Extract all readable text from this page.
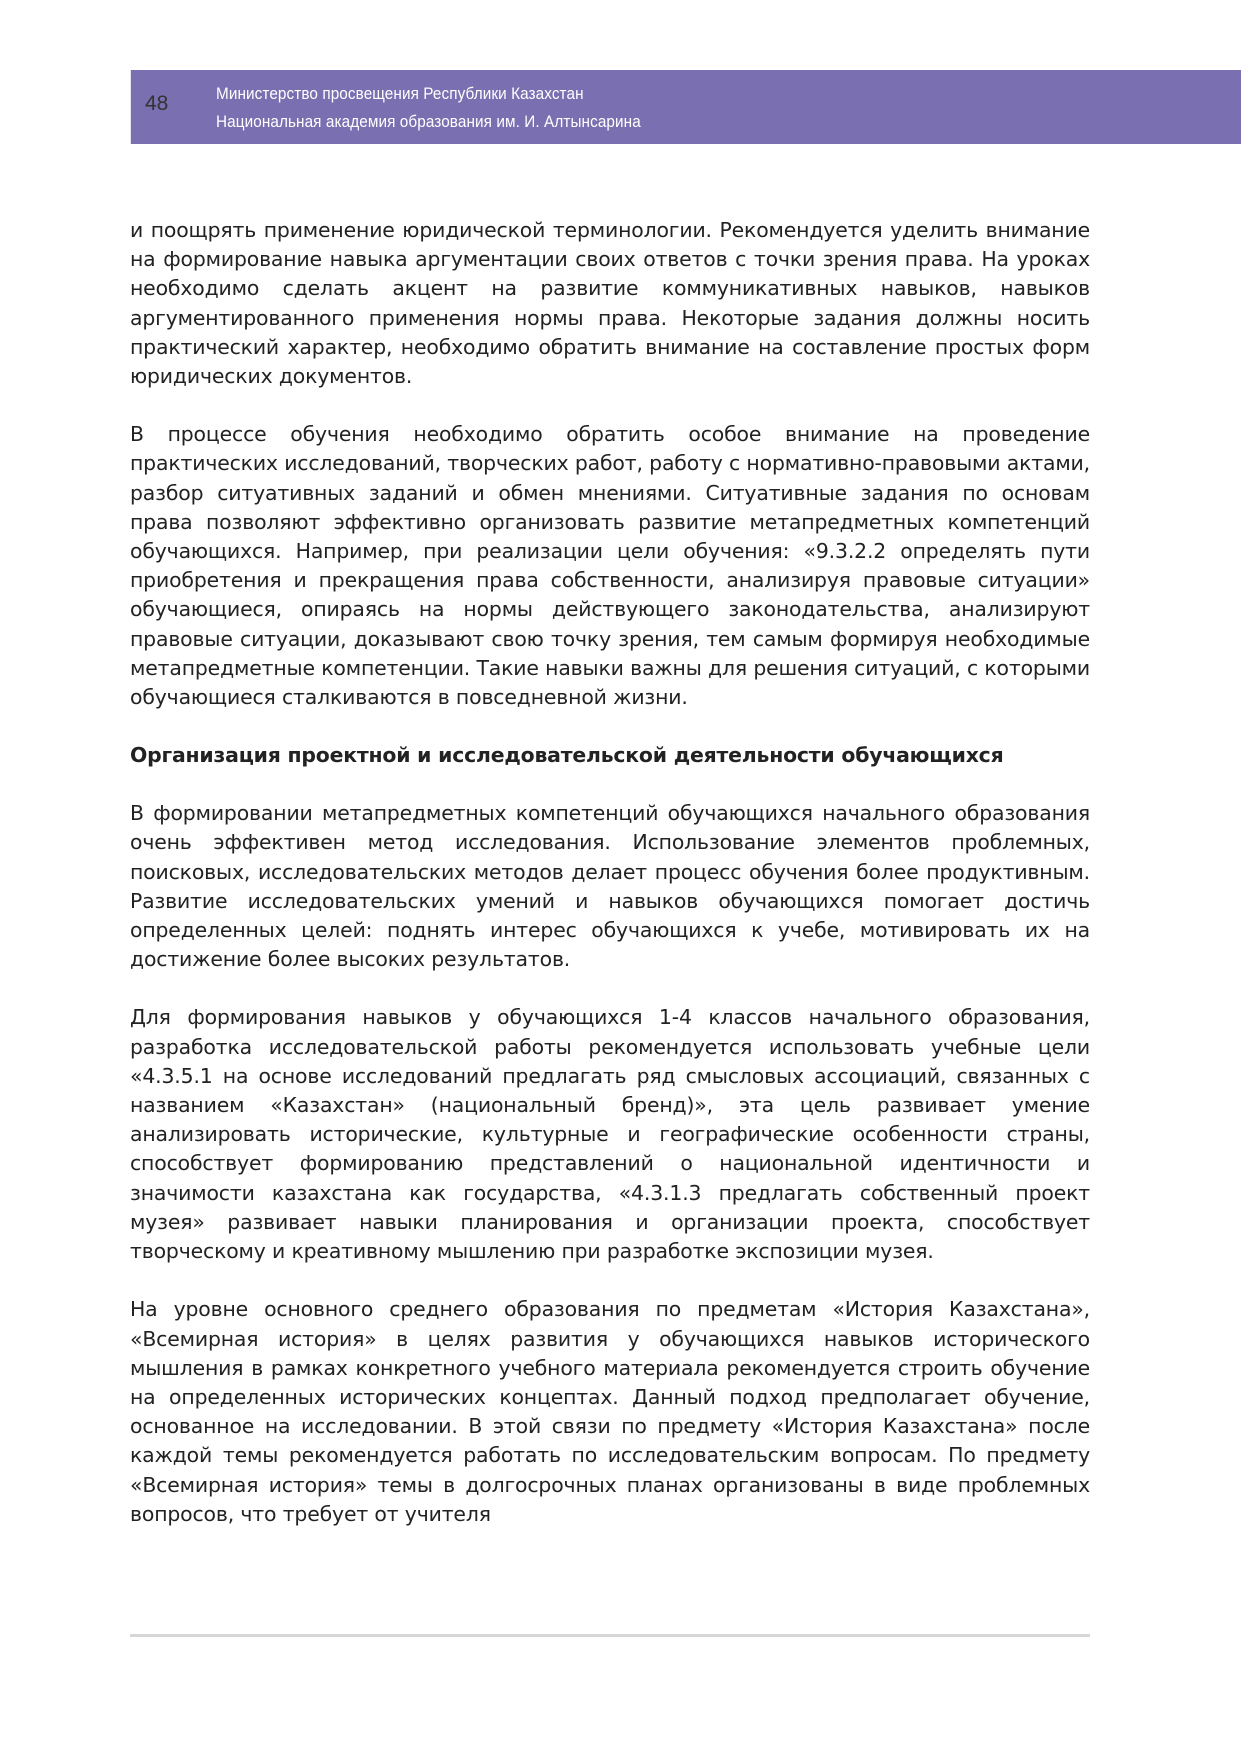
48	Министерство просвещения Республики Казахстан
Национальная академия образования им. И. Алтынсарина

и поощрять применение юридической терминологии. Рекомендуется уделить внимание на формирование навыка аргументации своих ответов с точки зрения права. На уроках необходимо сделать акцент на развитие коммуникативных навыков, навыков аргументированного применения нормы права. Некоторые задания должны носить практический характер, необходимо обратить внимание на составление простых форм юридических документов.

В процессе обучения необходимо обратить особое внимание на проведение практических исследований, творческих работ, работу с нормативно-правовыми актами, разбор ситуативных заданий и обмен мнениями. Ситуативные задания по основам права позволяют эффективно организовать развитие метапредметных компетенций обучающихся. Например, при реализации цели обучения: «9.3.2.2 определять пути приобретения и прекращения права собственности, анализируя правовые ситуации» обучающиеся, опираясь на нормы действующего законодательства, анализируют правовые ситуации, доказывают свою точку зрения, тем самым формируя необходимые метапредметные компетенции. Такие навыки важны для решения ситуаций, с которыми обучающиеся сталкиваются в повседневной жизни.

Организация проектной и исследовательской деятельности обучающихся

В формировании метапредметных компетенций обучающихся начального образования очень эффективен метод исследования. Использование элементов проблемных, поисковых, исследовательских методов делает процесс обучения более продуктивным. Развитие исследовательских умений и навыков обучающихся помогает достичь определенных целей: поднять интерес обучающихся к учебе, мотивировать их на достижение более высоких результатов.

Для формирования навыков у обучающихся 1-4 классов начального образования, разработка исследовательской работы рекомендуется использовать учебные цели «4.3.5.1 на основе исследований предлагать ряд смысловых ассоциаций, связанных с названием «Казахстан» (национальный бренд)», эта цель развивает умение анализировать исторические, культурные и географические особенности страны, способствует формированию представлений о национальной идентичности и значимости казахстана как государства, «4.3.1.3 предлагать собственный проект музея» развивает навыки планирования и организации проекта, способствует творческому и креативному мышлению при разработке экспозиции музея.

На уровне основного среднего образования по предметам «История Казахстана», «Всемирная история» в целях развития у обучающихся навыков исторического мышления в рамках конкретного учебного материала рекомендуется строить обучение на определенных исторических концептах. Данный подход предполагает обучение, основанное на исследовании. В этой связи по предмету «История Казахстана» после каждой темы рекомендуется работать по исследовательским вопросам. По предмету «Всемирная история» темы в долгосрочных планах организованы в виде проблемных вопросов, что требует от учителя
